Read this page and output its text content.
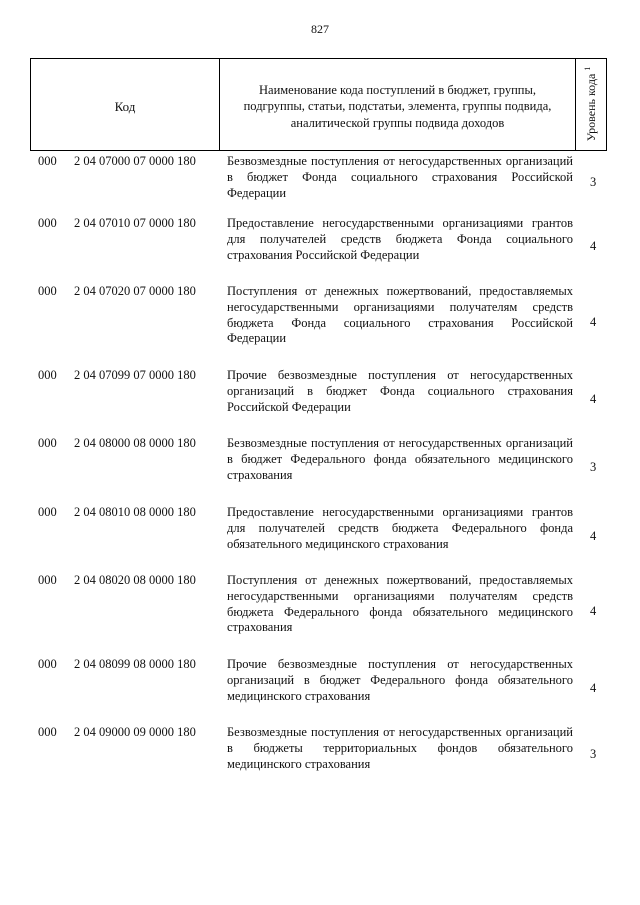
827
Код
Наименование кода поступлений в бюджет, группы, подгруппы, статьи, подстатьи, элемента, группы подвида, аналитической группы подвида доходов	Уровень кода $^1$
000 2 04 07000 07 0000 180 Безвозмездные поступления от негосударственных организаций в бюджет Фонда социального страхования Российской Федерации
3
000 2 04 07010 07 0000 180 Предоставление негосударственными организациями грантов для получателей средств бюджета Фонда социального страхования Российской Федерации
4
000 2 04 07020 07 0000 180 Поступления от денежных пожертвований, предоставляемых негосударственными организациями получателям средств бюджета Фонда социального страхования Российской Федерации
4
000 2 04 07099 07 0000 180 Прочие безвозмездные поступления от негосударственных организаций в бюджет Фонда социального страхования Российской Федерации
4
000 2 04 08000 08 0000 180 Безвозмездные поступления от негосударственных организаций в бюджет Федерального фонда обязательного медицинского страхования
3
000 2 04 08010 08 0000 180 Предоставление негосударственными организациями грантов для получателей средств бюджета Федерального фонда обязательного медицинского страхования
4
000 2 04 08020 08 0000 180 Поступления от денежных пожертвований, предоставляемых негосударственными организациями получателям средств бюджета Федерального фонда обязательного медицинского страхования
4
000 2 04 08099 08 0000 180 Прочие безвозмездные поступления от негосударственных организаций в бюджет Федерального фонда обязательного медицинского страхования
4
000 2 04 09000 09 0000 180 Безвозмездные поступления от негосударственных организаций в бюджеты территориальных фондов обязательного медицинского страхования
3
